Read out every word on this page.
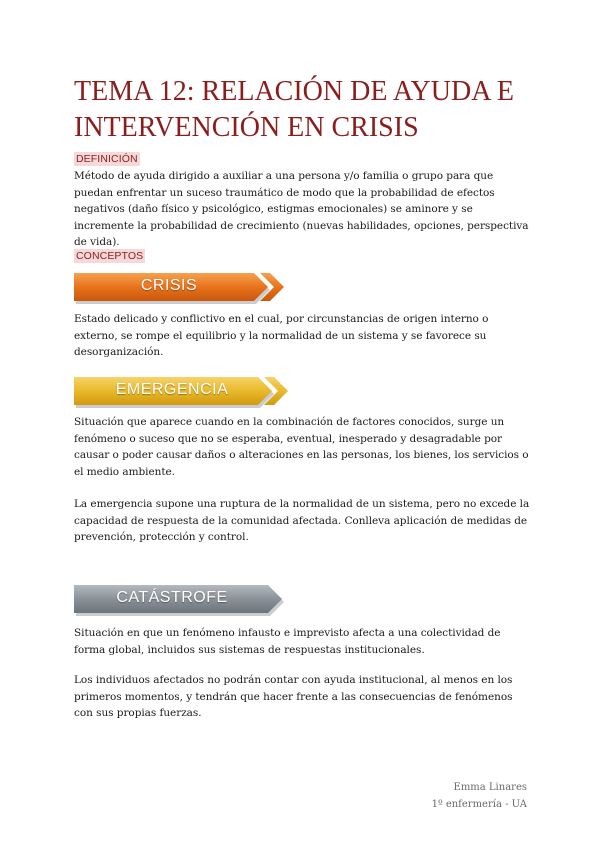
TEMA 12: RELACIÓN DE AYUDA E INTERVENCIÓN EN CRISIS
DEFINICIÓN

Método de ayuda dirigido a auxiliar a una persona y/o familia o grupo para que puedan enfrentar un suceso traumático de modo que la probabilidad de efectos negativos (daño físico y psicológico, estigmas emocionales) se aminore y se incremente la probabilidad de crecimiento (nuevas habilidades, opciones, perspectiva de vida).

CONCEPTOS
CRISIS

Estado delicado y conflictivo en el cual, por circunstancias de origen interno o externo, se rompe el equilibrio y la normalidad de un sistema y se favorece su desorganización.

EMERGENCIA

Situación que aparece cuando en la combinación de factores conocidos, surge un fenómeno o suceso que no se esperaba, eventual, inesperado y desagradable por causar o poder causar daños o alteraciones en las personas, los bienes, los servicios o el medio ambiente.

La emergencia supone una ruptura de la normalidad de un sistema, pero no excede la capacidad de respuesta de la comunidad afectada. Conlleva aplicación de medidas de prevención, protección y control.

CATÁSTROFE

Situación en que un fenómeno infausto e imprevisto afecta a una colectividad de forma global, incluidos sus sistemas de respuestas institucionales.

Los individuos afectados no podrán contar con ayuda institucional, al menos en los primeros momentos, y tendrán que hacer frente a las consecuencias de fenómenos con sus propias fuerzas.

Emma Linares
1º enfermería - UA
